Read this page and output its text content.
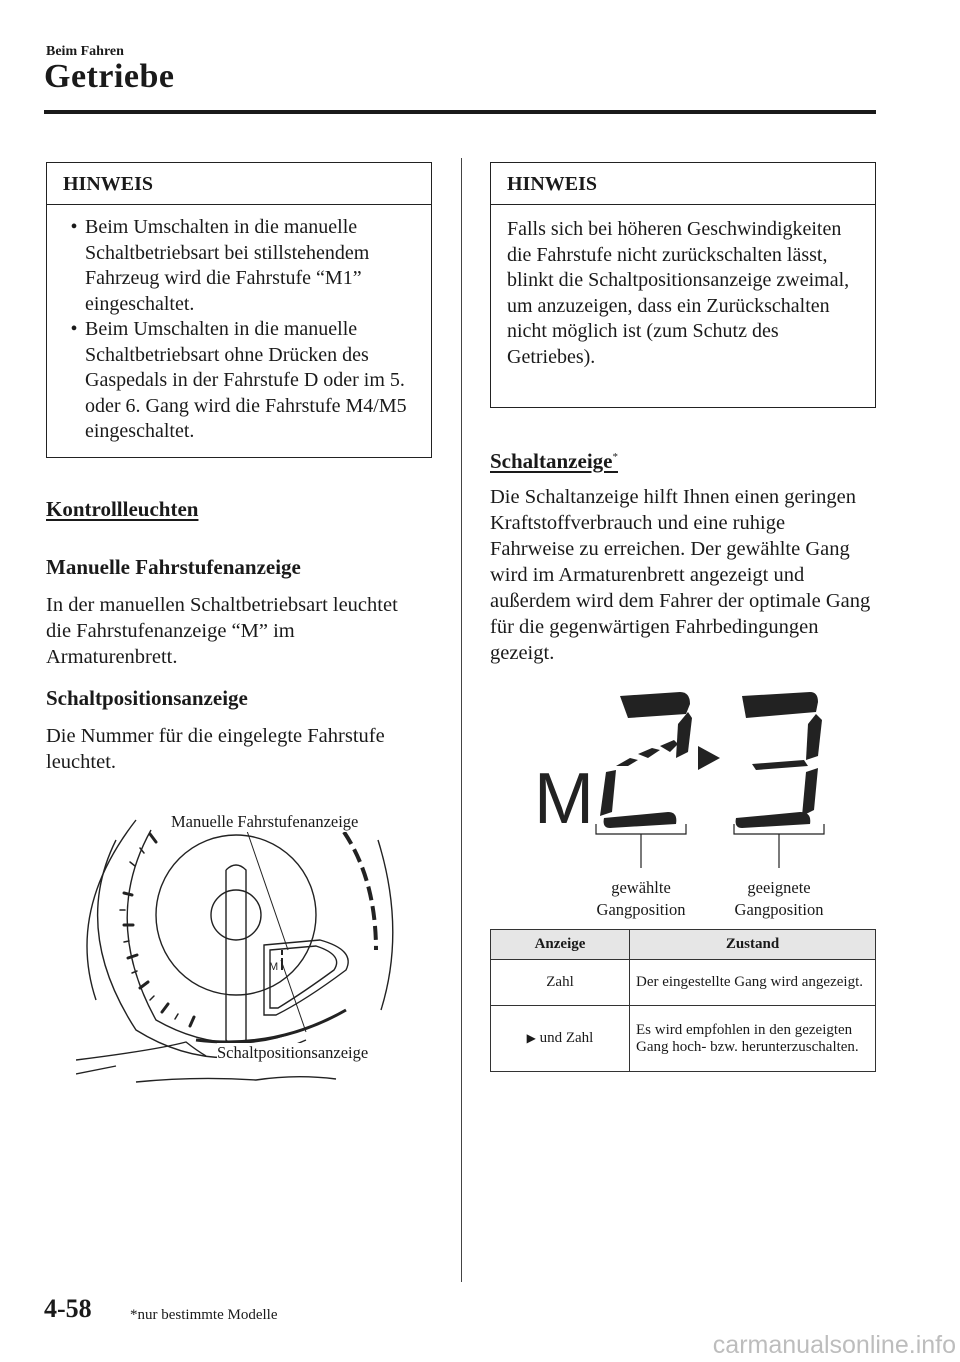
Beim Fahren
Getriebe
HINWEIS
• Beim Umschalten in die manuelle Schaltbetriebsart bei stillstehendem Fahrzeug wird die Fahrstufe “M1” eingeschaltet.
• Beim Umschalten in die manuelle Schaltbetriebsart ohne Drücken des Gaspedals in der Fahrstufe D oder im 5. oder 6. Gang wird die Fahrstufe M4/M5 eingeschaltet.
Kontrollleuchten
Manuelle Fahrstufenanzeige
In der manuellen Schaltbetriebsart leuchtet die Fahrstufenanzeige “M” im Armaturenbrett.
Schaltpositionsanzeige
Die Nummer für die eingelegte Fahrstufe leuchtet.
M
Manuelle Fahrstufenanzeige
Schaltpositionsanzeige
HINWEIS
Falls sich bei höheren Geschwindigkeiten die Fahrstufe nicht zurückschalten lässt, blinkt die Schaltpositionsanzeige zweimal, um anzuzeigen, dass ein Zurückschalten nicht möglich ist (zum Schutz des Getriebes).
Schaltanzeige*
Die Schaltanzeige hilft Ihnen einen geringen Kraftstoffverbrauch und eine ruhige Fahrweise zu erreichen. Der gewählte Gang wird im Armaturenbrett angezeigt und außerdem wird dem Fahrer der optimale Gang für die gegenwärtigen Fahrbedingungen gezeigt.
M
gewählte
Gangposition
geeignete
Gangposition
Anzeige	Zustand
Zahl	Der eingestellte Gang wird angezeigt.
▶ und Zahl	Es wird empfohlen in den gezeigten Gang hoch- bzw. herunterzuschalten.
4-58	*nur bestimmte Modelle
carmanualsonline.info
